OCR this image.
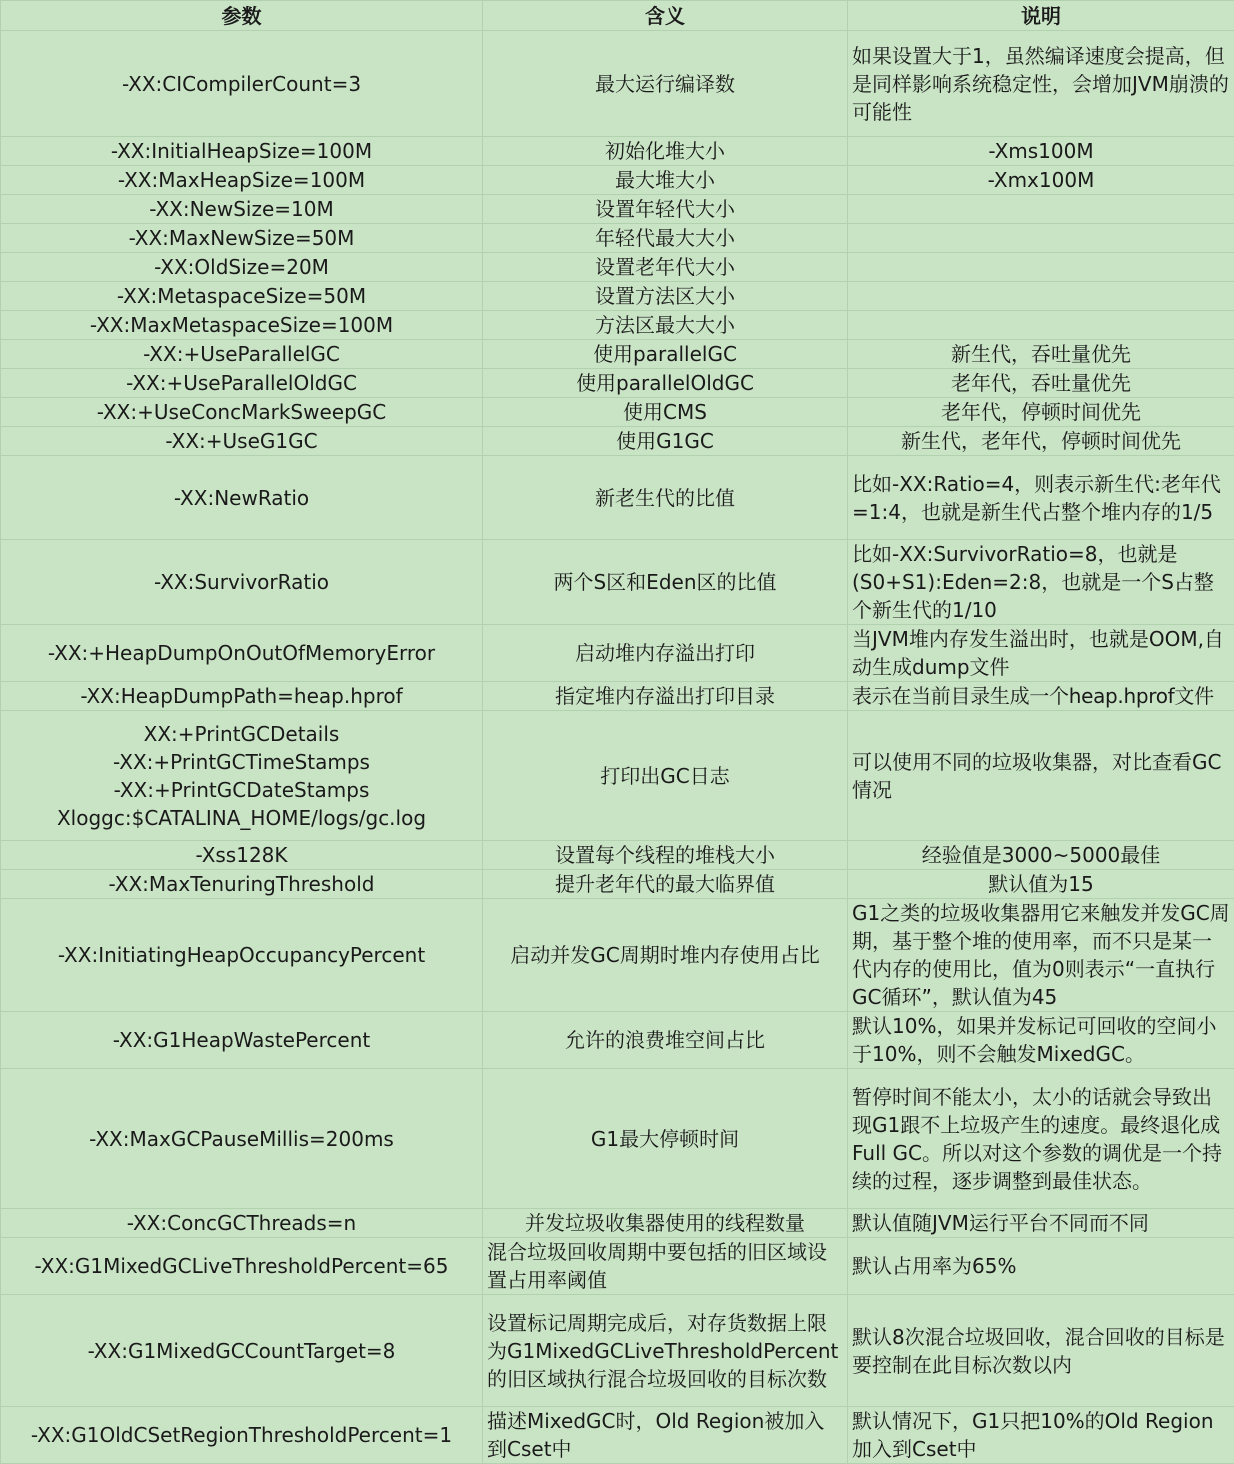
参数	含义	说明
-XX:CICompilerCount=3	最大运行编译数	如果设置大于1，虽然编译速度会提高，但是同样影响系统稳定性，会增加JVM崩溃的可能性
-XX:InitialHeapSize=100M	初始化堆大小	-Xms100M
-XX:MaxHeapSize=100M	最大堆大小	-Xmx100M
-XX:NewSize=10M	设置年轻代大小	
-XX:MaxNewSize=50M	年轻代最大大小	
-XX:OldSize=20M	设置老年代大小	
-XX:MetaspaceSize=50M	设置方法区大小	
-XX:MaxMetaspaceSize=100M	方法区最大大小	
-XX:+UseParallelGC	使用parallelGC	新生代，吞吐量优先
-XX:+UseParallelOldGC	使用parallelOldGC	老年代，吞吐量优先
-XX:+UseConcMarkSweepGC	使用CMS	老年代，停顿时间优先
-XX:+UseG1GC	使用G1GC	新生代，老年代，停顿时间优先
-XX:NewRatio	新老生代的比值	比如-XX:Ratio=4，则表示新生代:老年代=1:4，也就是新生代占整个堆内存的1/5
-XX:SurvivorRatio	两个S区和Eden区的比值	比如-XX:SurvivorRatio=8，也就是(S0+S1):Eden=2:8，也就是一个S占整个新生代的1/10
-XX:+HeapDumpOnOutOfMemoryError	启动堆内存溢出打印	当JVM堆内存发生溢出时，也就是OOM,自动生成dump文件
-XX:HeapDumpPath=heap.hprof	指定堆内存溢出打印目录	表示在当前目录生成一个heap.hprof文件
XX:+PrintGCDetails
-XX:+PrintGCTimeStamps
-XX:+PrintGCDateStamps
Xloggc:$CATALINA_HOME/logs/gc.log	打印出GC日志	可以使用不同的垃圾收集器，对比查看GC情况
-Xss128K	设置每个线程的堆栈大小	经验值是3000~5000最佳
-XX:MaxTenuringThreshold	提升老年代的最大临界值	默认值为15
-XX:InitiatingHeapOccupancyPercent	启动并发GC周期时堆内存使用占比	G1之类的垃圾收集器用它来触发并发GC周期，基于整个堆的使用率，而不只是某一代内存的使用比，值为0则表示“一直执行GC循环”，默认值为45
-XX:G1HeapWastePercent	允许的浪费堆空间占比	默认10%，如果并发标记可回收的空间小于10%，则不会触发MixedGC。
-XX:MaxGCPauseMillis=200ms	G1最大停顿时间	暂停时间不能太小，太小的话就会导致出现G1跟不上垃圾产生的速度。最终退化成Full GC。所以对这个参数的调优是一个持续的过程，逐步调整到最佳状态。
-XX:ConcGCThreads=n	并发垃圾收集器使用的线程数量	默认值随JVM运行平台不同而不同
-XX:G1MixedGCLiveThresholdPercent=65	混合垃圾回收周期中要包括的旧区域设置占用率阈值	默认占用率为65%
-XX:G1MixedGCCountTarget=8	设置标记周期完成后，对存货数据上限为G1MixedGCLiveThresholdPercent的旧区域执行混合垃圾回收的目标次数	默认8次混合垃圾回收，混合回收的目标是要控制在此目标次数以内
-XX:G1OldCSetRegionThresholdPercent=1	描述MixedGC时，Old Region被加入到Cset中	默认情况下，G1只把10%的Old Region加入到Cset中
